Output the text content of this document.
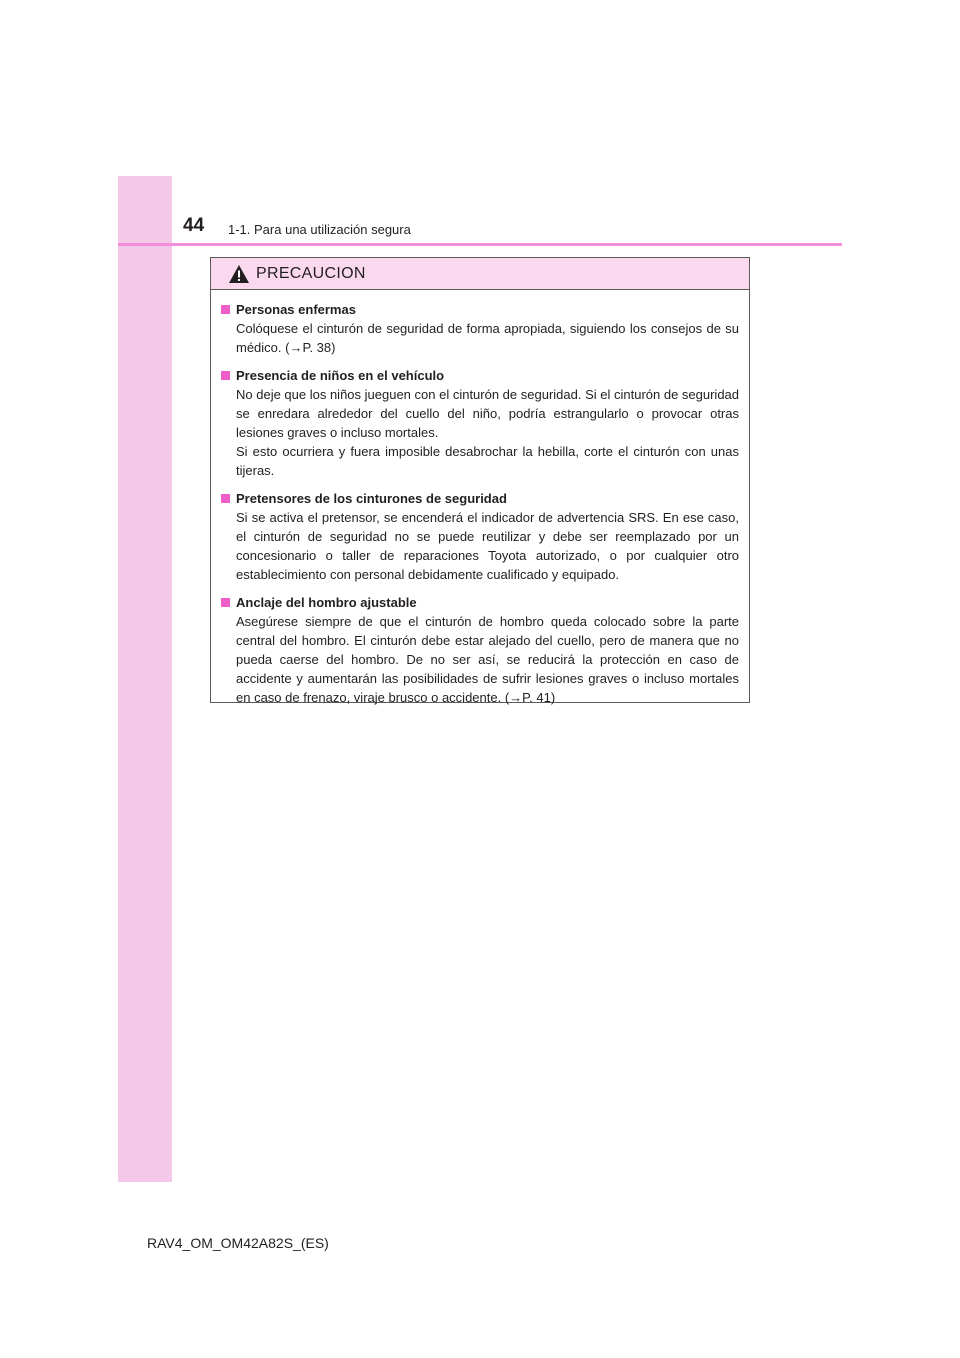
44 1-1. Para una utilización segura
PRECAUCION
Personas enfermas

Colóquese el cinturón de seguridad de forma apropiada, siguiendo los consejos de su médico. (→P. 38)

Presencia de niños en el vehículo

No deje que los niños jueguen con el cinturón de seguridad. Si el cinturón de seguridad se enredara alrededor del cuello del niño, podría estrangularlo o provocar otras lesiones graves o incluso mortales.

Si esto ocurriera y fuera imposible desabrochar la hebilla, corte el cinturón con unas tijeras.

Pretensores de los cinturones de seguridad

Si se activa el pretensor, se encenderá el indicador de advertencia SRS. En ese caso, el cinturón de seguridad no se puede reutilizar y debe ser reemplazado por un concesionario o taller de reparaciones Toyota autorizado, o por cualquier otro establecimiento con personal debidamente cualificado y equipado.

Anclaje del hombro ajustable

Asegúrese siempre de que el cinturón de hombro queda colocado sobre la parte central del hombro. El cinturón debe estar alejado del cuello, pero de manera que no pueda caerse del hombro. De no ser así, se reducirá la protección en caso de accidente y aumentarán las posibilidades de sufrir lesiones graves o incluso mortales en caso de frenazo, viraje brusco o accidente. (→P. 41)

RAV4_OM_OM42A82S_(ES)
